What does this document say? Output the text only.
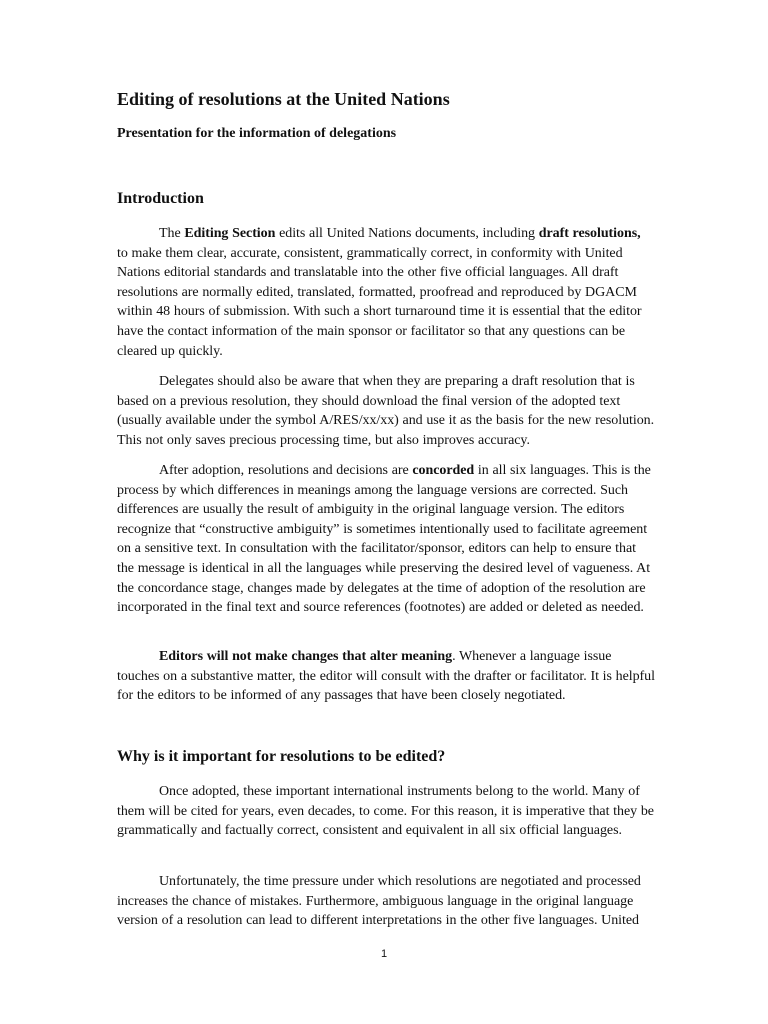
Editing of resolutions at the United Nations

Presentation for the information of delegations

Introduction

The Editing Section edits all United Nations documents, including draft resolutions, to make them clear, accurate, consistent, grammatically correct, in conformity with United Nations editorial standards and translatable into the other five official languages. All draft resolutions are normally edited, translated, formatted, proofread and reproduced by DGACM within 48 hours of submission. With such a short turnaround time it is essential that the editor have the contact information of the main sponsor or facilitator so that any questions can be cleared up quickly.

Delegates should also be aware that when they are preparing a draft resolution that is based on a previous resolution, they should download the final version of the adopted text (usually available under the symbol A/RES/xx/xx) and use it as the basis for the new resolution. This not only saves precious processing time, but also improves accuracy.

After adoption, resolutions and decisions are concorded in all six languages. This is the process by which differences in meanings among the language versions are corrected. Such differences are usually the result of ambiguity in the original language version. The editors recognize that “constructive ambiguity” is sometimes intentionally used to facilitate agreement on a sensitive text. In consultation with the facilitator/sponsor, editors can help to ensure that the message is identical in all the languages while preserving the desired level of vagueness. At the concordance stage, changes made by delegates at the time of adoption of the resolution are incorporated in the final text and source references (footnotes) are added or deleted as needed.

Editors will not make changes that alter meaning. Whenever a language issue touches on a substantive matter, the editor will consult with the drafter or facilitator. It is helpful for the editors to be informed of any passages that have been closely negotiated.

Why is it important for resolutions to be edited?

Once adopted, these important international instruments belong to the world. Many of them will be cited for years, even decades, to come. For this reason, it is imperative that they be grammatically and factually correct, consistent and equivalent in all six official languages.

Unfortunately, the time pressure under which resolutions are negotiated and processed increases the chance of mistakes. Furthermore, ambiguous language in the original language version of a resolution can lead to different interpretations in the other five languages. United

1
